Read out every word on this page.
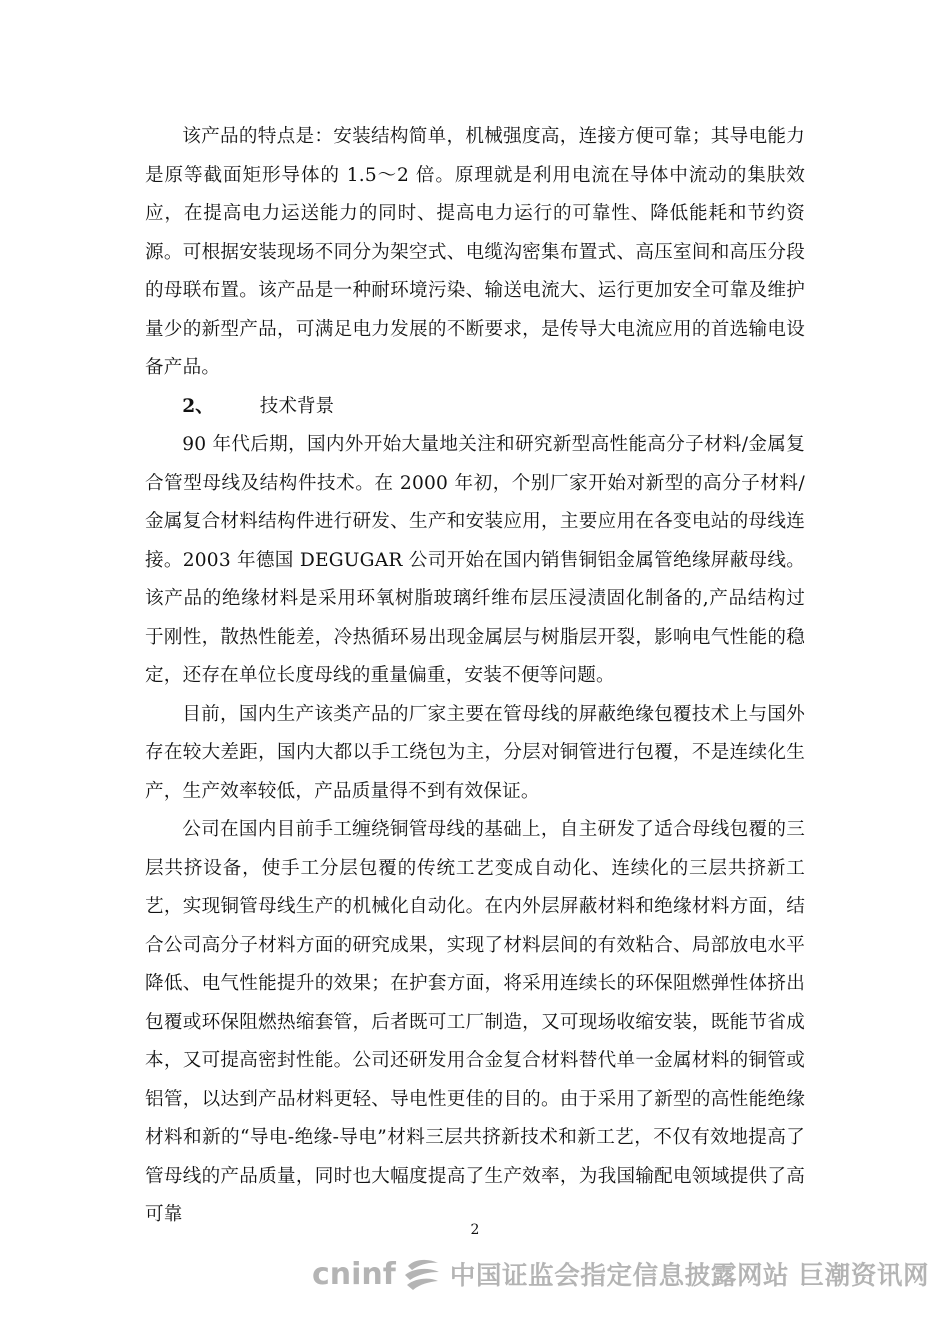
该产品的特点是：安装结构简单，机械强度高，连接方便可靠；其导电能力是原等截面矩形导体的 1.5～2 倍。原理就是利用电流在导体中流动的集肤效应，在提高电力运送能力的同时、提高电力运行的可靠性、降低能耗和节约资源。可根据安装现场不同分为架空式、电缆沟密集布置式、高压室间和高压分段的母联布置。该产品是一种耐环境污染、输送电流大、运行更加安全可靠及维护量少的新型产品，可满足电力发展的不断要求，是传导大电流应用的首选输电设备产品。

2、 技术背景

90 年代后期，国内外开始大量地关注和研究新型高性能高分子材料/金属复合管型母线及结构件技术。在 2000 年初，个别厂家开始对新型的高分子材料/金属复合材料结构件进行研发、生产和安装应用，主要应用在各变电站的母线连接。2003 年德国 DEGUGAR 公司开始在国内销售铜铝金属管绝缘屏蔽母线。该产品的绝缘材料是采用环氧树脂玻璃纤维布层压浸渍固化制备的,产品结构过于刚性，散热性能差，冷热循环易出现金属层与树脂层开裂，影响电气性能的稳定，还存在单位长度母线的重量偏重，安装不便等问题。

目前，国内生产该类产品的厂家主要在管母线的屏蔽绝缘包覆技术上与国外存在较大差距，国内大都以手工绕包为主，分层对铜管进行包覆，不是连续化生产，生产效率较低，产品质量得不到有效保证。

公司在国内目前手工缠绕铜管母线的基础上，自主研发了适合母线包覆的三层共挤设备，使手工分层包覆的传统工艺变成自动化、连续化的三层共挤新工艺，实现铜管母线生产的机械化自动化。在内外层屏蔽材料和绝缘材料方面，结合公司高分子材料方面的研究成果，实现了材料层间的有效粘合、局部放电水平降低、电气性能提升的效果；在护套方面，将采用连续长的环保阻燃弹性体挤出包覆或环保阻燃热缩套管，后者既可工厂制造，又可现场收缩安装，既能节省成本，又可提高密封性能。公司还研发用合金复合材料替代单一金属材料的铜管或铝管，以达到产品材料更轻、导电性更佳的目的。由于采用了新型的高性能绝缘材料和新的“导电-绝缘-导电”材料三层共挤新技术和新工艺，不仅有效地提高了管母线的产品质量，同时也大幅度提高了生产效率，为我国输配电领域提供了高可靠

2
cninf 中国证监会指定信息披露网站 巨潮资讯网
